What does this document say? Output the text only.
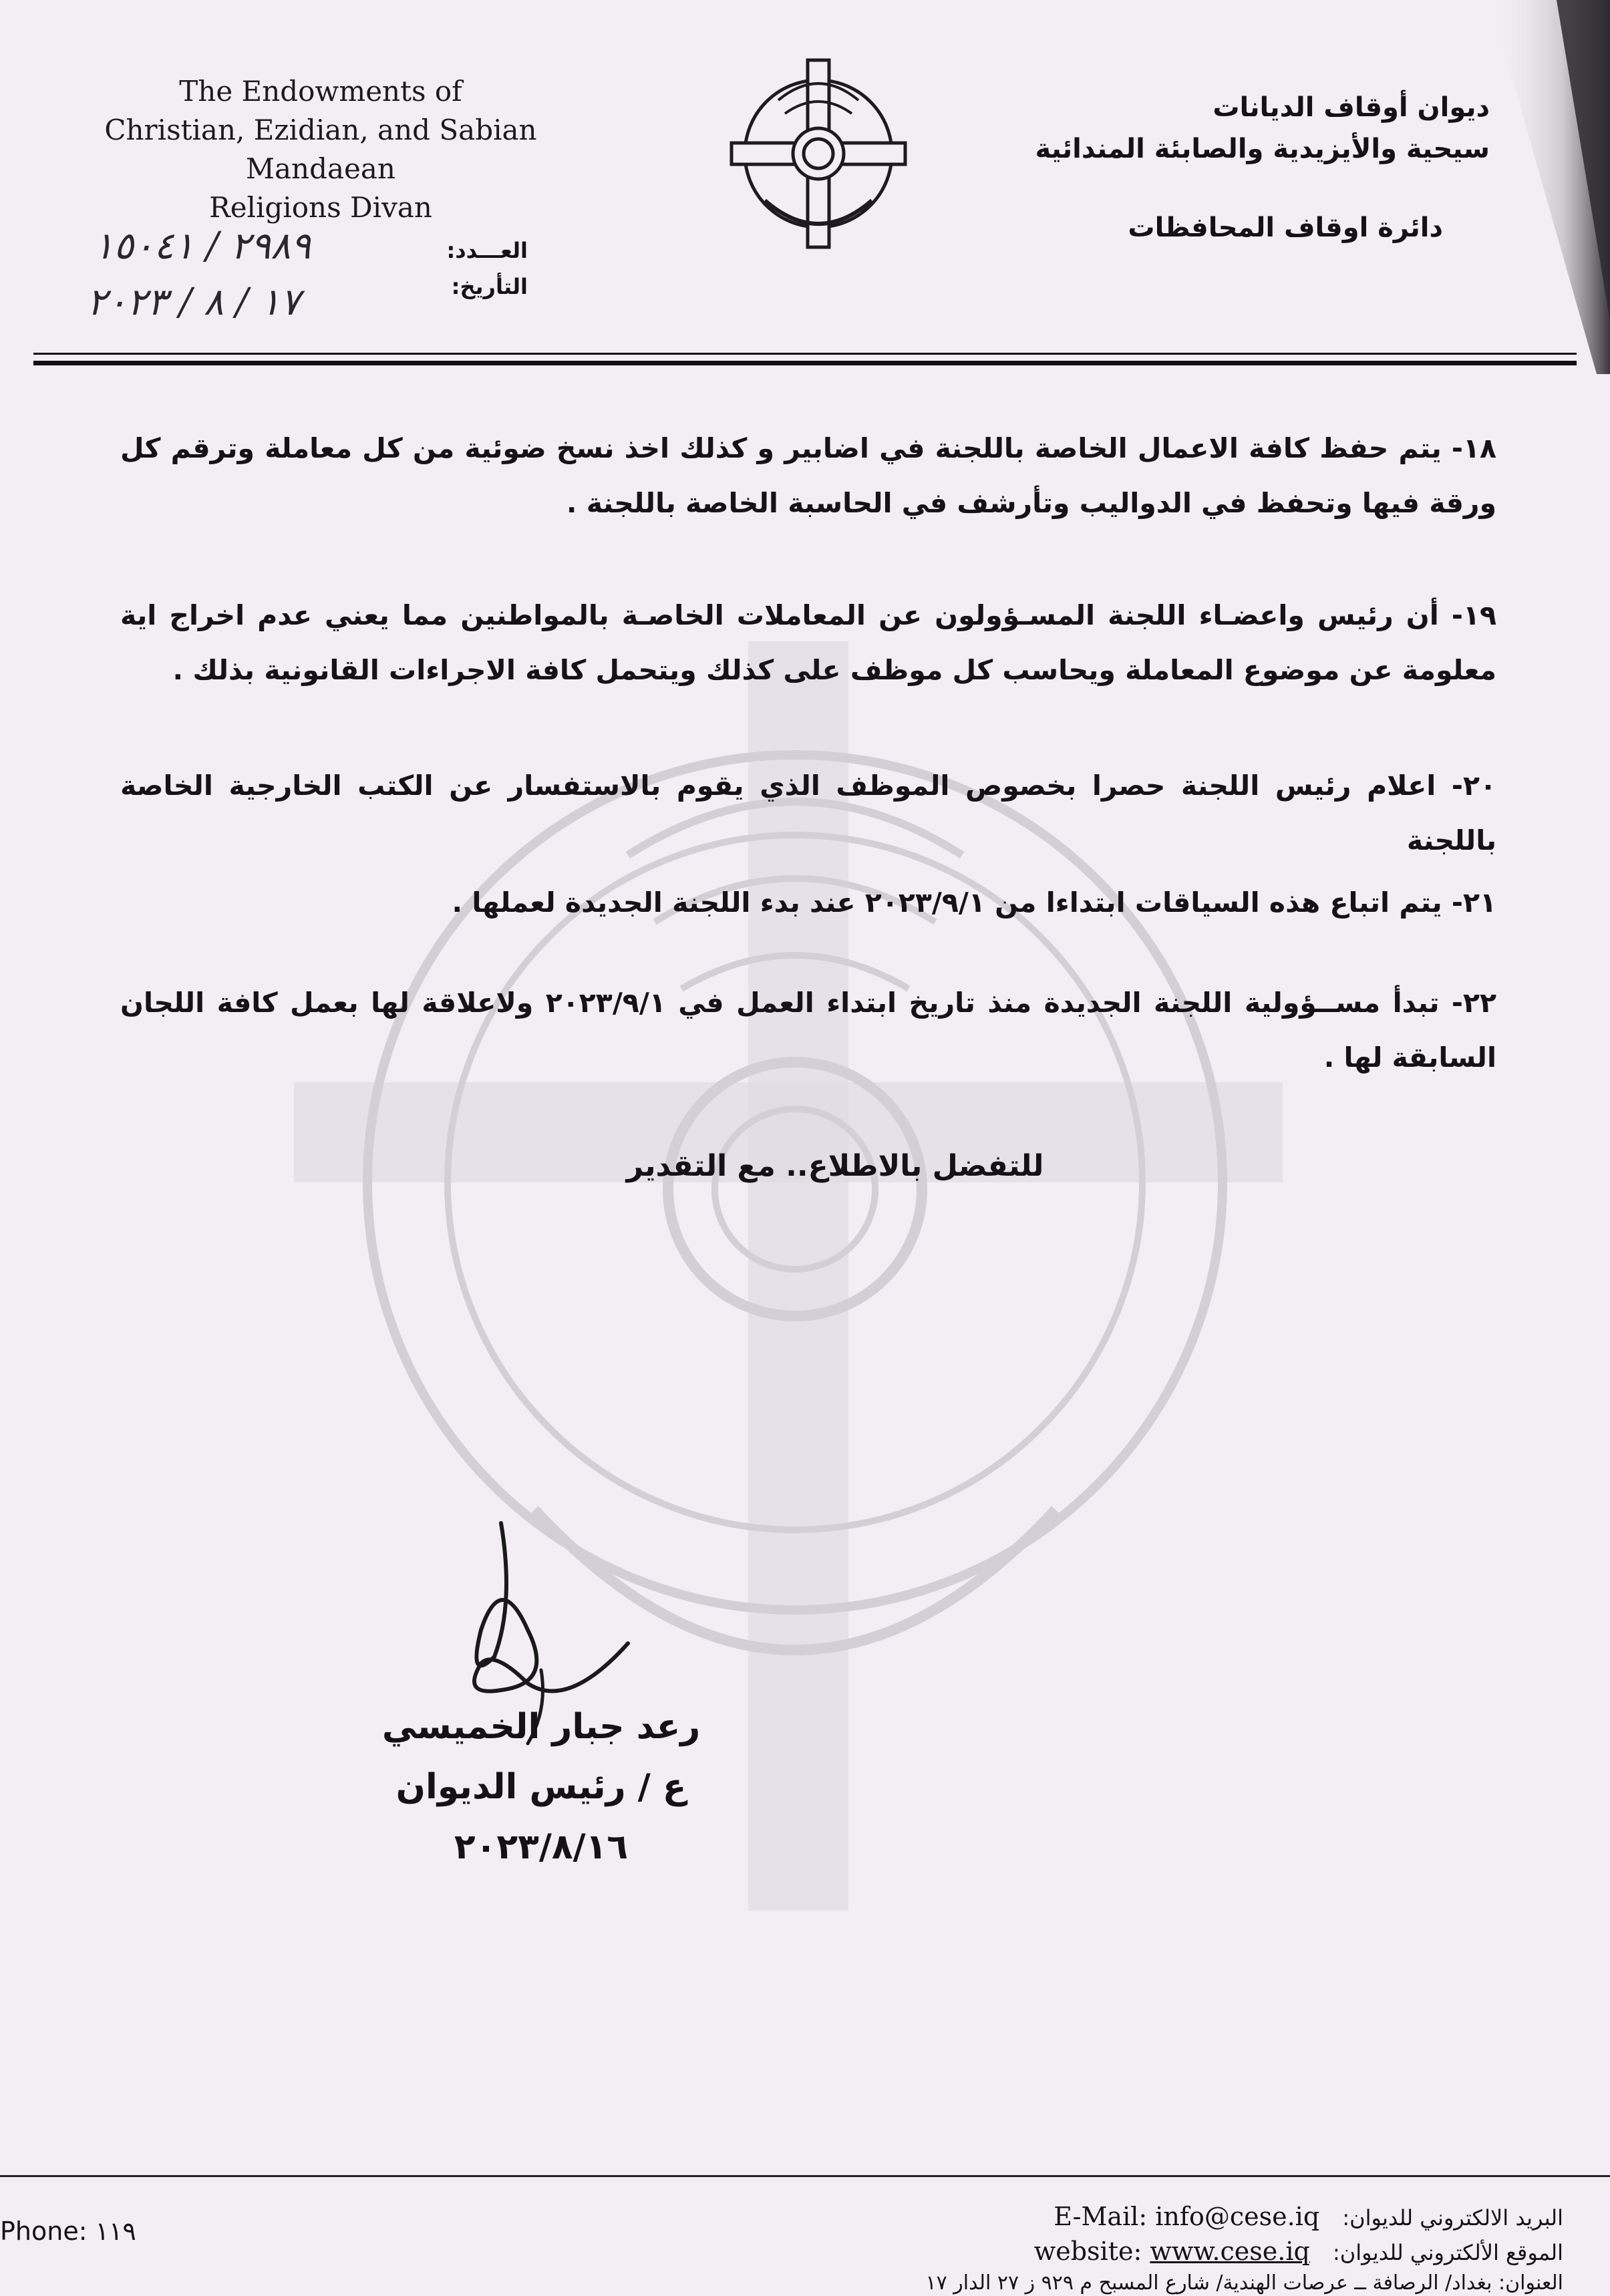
The Endowments of
Christian, Ezidian, and Sabian Mandaean
Religions Divan
ديوان أوقاف الديانات
سيحية والأيزيدية والصابئة المندائية
دائرة اوقاف المحافظات
العـــدد:
التأريخ:
٢٩٨٩ / ١٥٠٤١
١٧ / ٨ / ٢٠٢٣

١٨- يتم حفظ كافة الاعمال الخاصة باللجنة في اضابير و كذلك اخذ نسخ ضوئية من كل معاملة وترقم كل ورقة فيها وتحفظ في الدواليب وتأرشف في الحاسبة الخاصة باللجنة .

١٩- أن رئيس واعضـاء اللجنة المسـؤولون عن المعاملات الخاصـة بالمواطنين مما يعني عدم اخراج اية معلومة عن موضوع المعاملة ويحاسب كل موظف على كذلك ويتحمل كافة الاجراءات القانونية بذلك .

٢٠- اعلام رئيس اللجنة حصرا بخصوص الموظف الذي يقوم بالاستفسار عن الكتب الخارجية الخاصة باللجنة

٢١- يتم اتباع هذه السياقات ابتداءا من ٢٠٢٣/٩/١ عند بدء اللجنة الجديدة لعملها .

٢٢- تبدأ مســؤولية اللجنة الجديدة منذ تاريخ ابتداء العمل في ٢٠٢٣/٩/١ ولاعلاقة لها بعمل كافة اللجان السابقة لها .

للتفضل بالاطلاع.. مع التقدير
رعد جبار الخميسي
ع / رئيس الديوان
٢٠٢٣/٨/١٦
Phone: ١١٩	البريد الالكتروني للديوان: E-Mail: info@cese.iq
الموقع الألكتروني للديوان: website: www.cese.iq
العنوان: بغداد/ الرصافة ــ عرصات الهندية/ شارع المسبح م ٩٢٩ ز ٢٧ الدار ١٧
